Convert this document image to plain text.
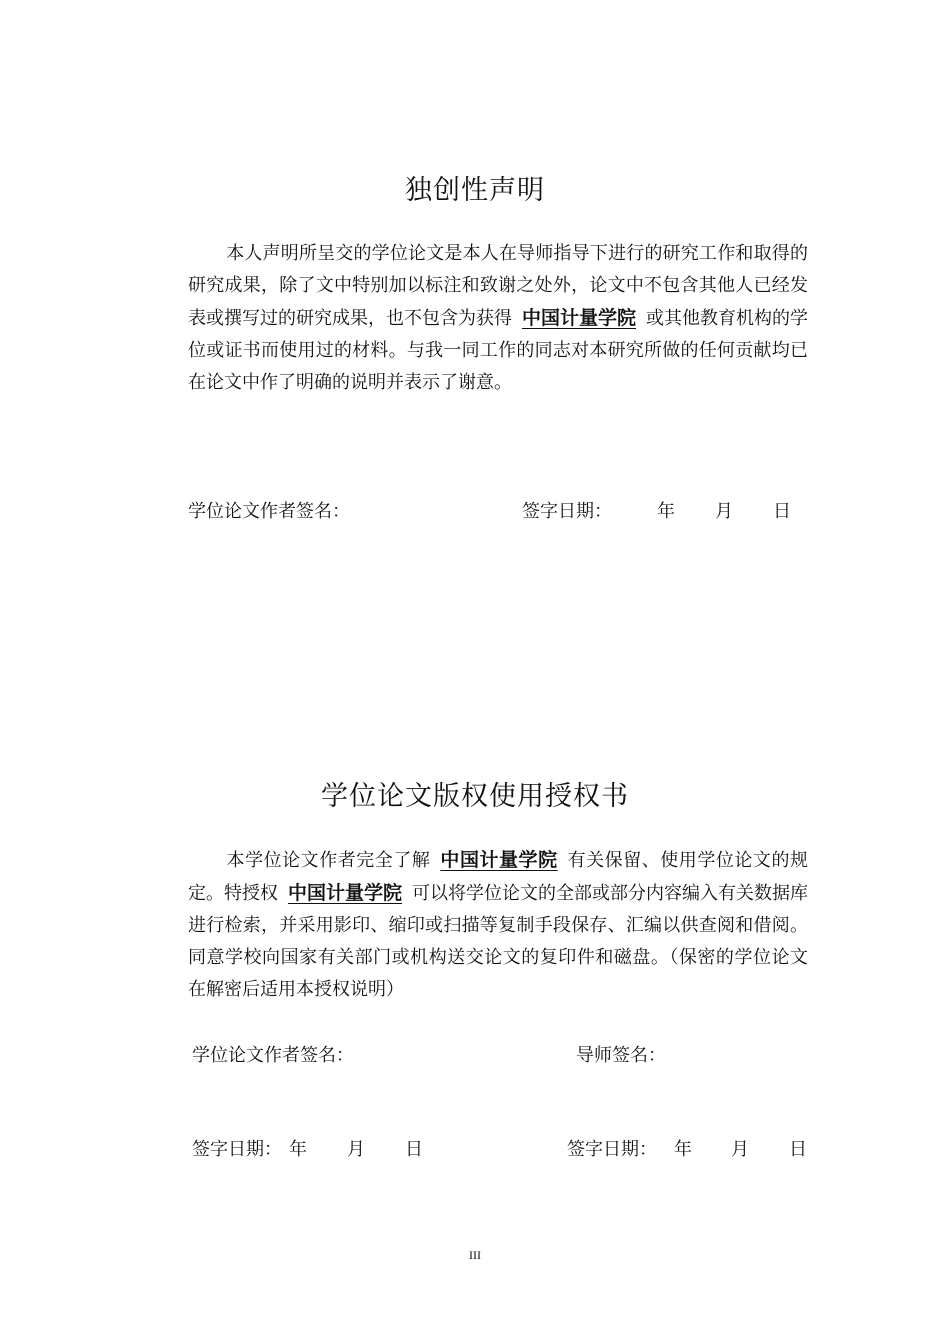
独创性声明
本人声明所呈交的学位论文是本人在导师指导下进行的研究工作和取得的研究成果，除了文中特别加以标注和致谢之处外，论文中不包含其他人已经发表或撰写过的研究成果，也不包含为获得 中国计量学院 或其他教育机构的学位或证书而使用过的材料。与我一同工作的同志对本研究所做的任何贡献均已在论文中作了明确的说明并表示了谢意。
学位论文作者签名：	签字日期：	年 月 日
学位论文版权使用授权书
本学位论文作者完全了解 中国计量学院 有关保留、使用学位论文的规定。特授权 中国计量学院 可以将学位论文的全部或部分内容编入有关数据库进行检索，并采用影印、缩印或扫描等复制手段保存、汇编以供查阅和借阅。同意学校向国家有关部门或机构送交论文的复印件和磁盘。（保密的学位论文在解密后适用本授权说明）
学位论文作者签名：	导师签名：
签字日期： 年 月 日	签字日期： 年 月 日
III
